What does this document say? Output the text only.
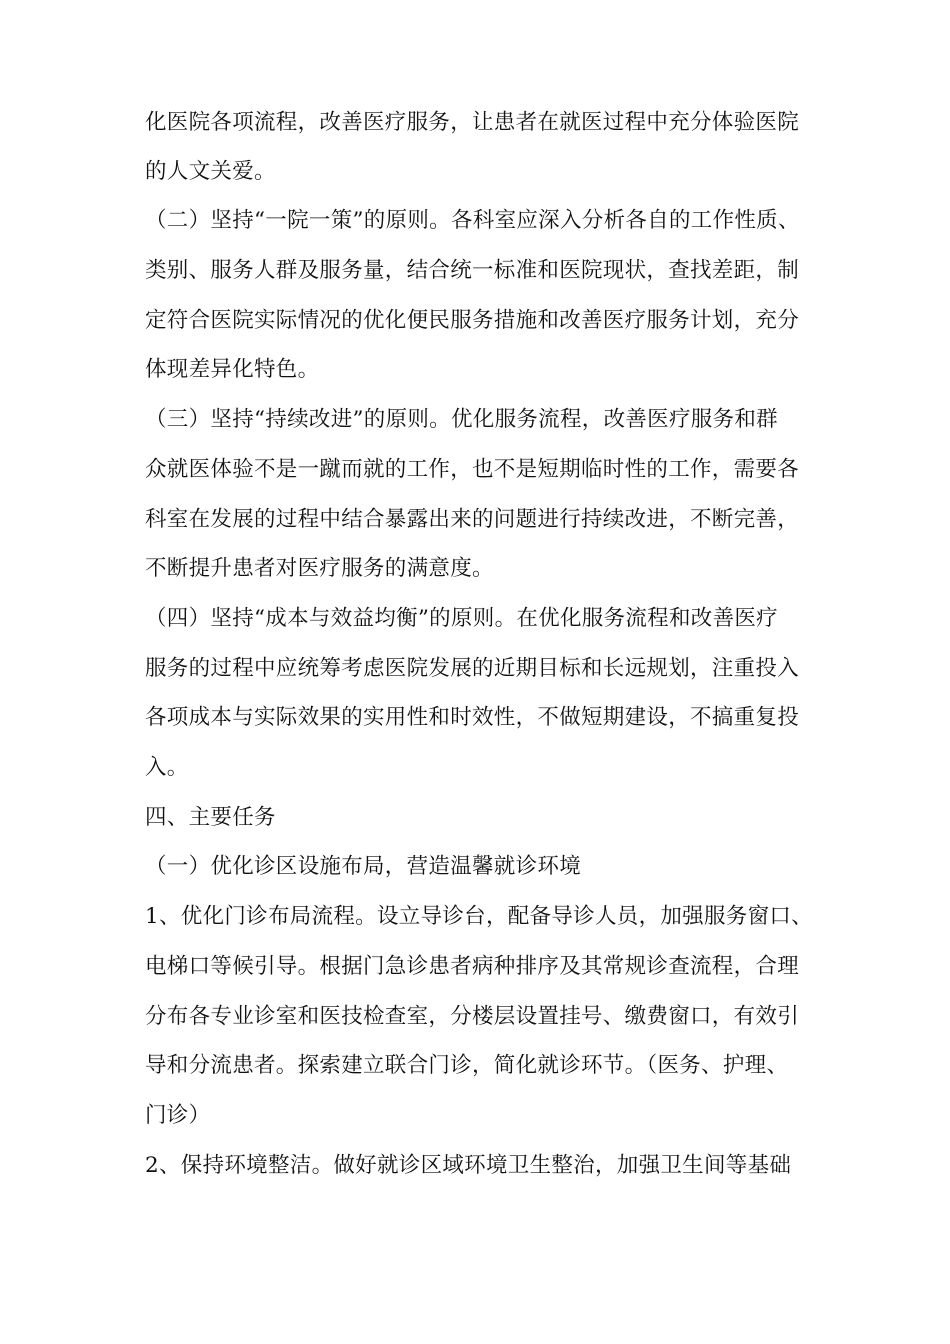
化医院各项流程，改善医疗服务，让患者在就医过程中充分体验医院

的人文关爱。

（二）坚持“一院一策”的原则。各科室应深入分析各自的工作性质、

类别、服务人群及服务量，结合统一标准和医院现状，查找差距，制

定符合医院实际情况的优化便民服务措施和改善医疗服务计划，充分

体现差异化特色。

（三）坚持“持续改进”的原则。优化服务流程，改善医疗服务和群

众就医体验不是一蹴而就的工作，也不是短期临时性的工作，需要各

科室在发展的过程中结合暴露出来的问题进行持续改进，不断完善，

不断提升患者对医疗服务的满意度。

（四）坚持“成本与效益均衡”的原则。在优化服务流程和改善医疗

服务的过程中应统筹考虑医院发展的近期目标和长远规划，注重投入

各项成本与实际效果的实用性和时效性，不做短期建设，不搞重复投

入。

四、主要任务

（一）优化诊区设施布局，营造温馨就诊环境

1、优化门诊布局流程。设立导诊台，配备导诊人员，加强服务窗口、

电梯口等候引导。根据门急诊患者病种排序及其常规诊查流程，合理

分布各专业诊室和医技检查室，分楼层设置挂号、缴费窗口，有效引

导和分流患者。探索建立联合门诊，简化就诊环节。（医务、护理、

门诊）

2、保持环境整洁。做好就诊区域环境卫生整治，加强卫生间等基础
